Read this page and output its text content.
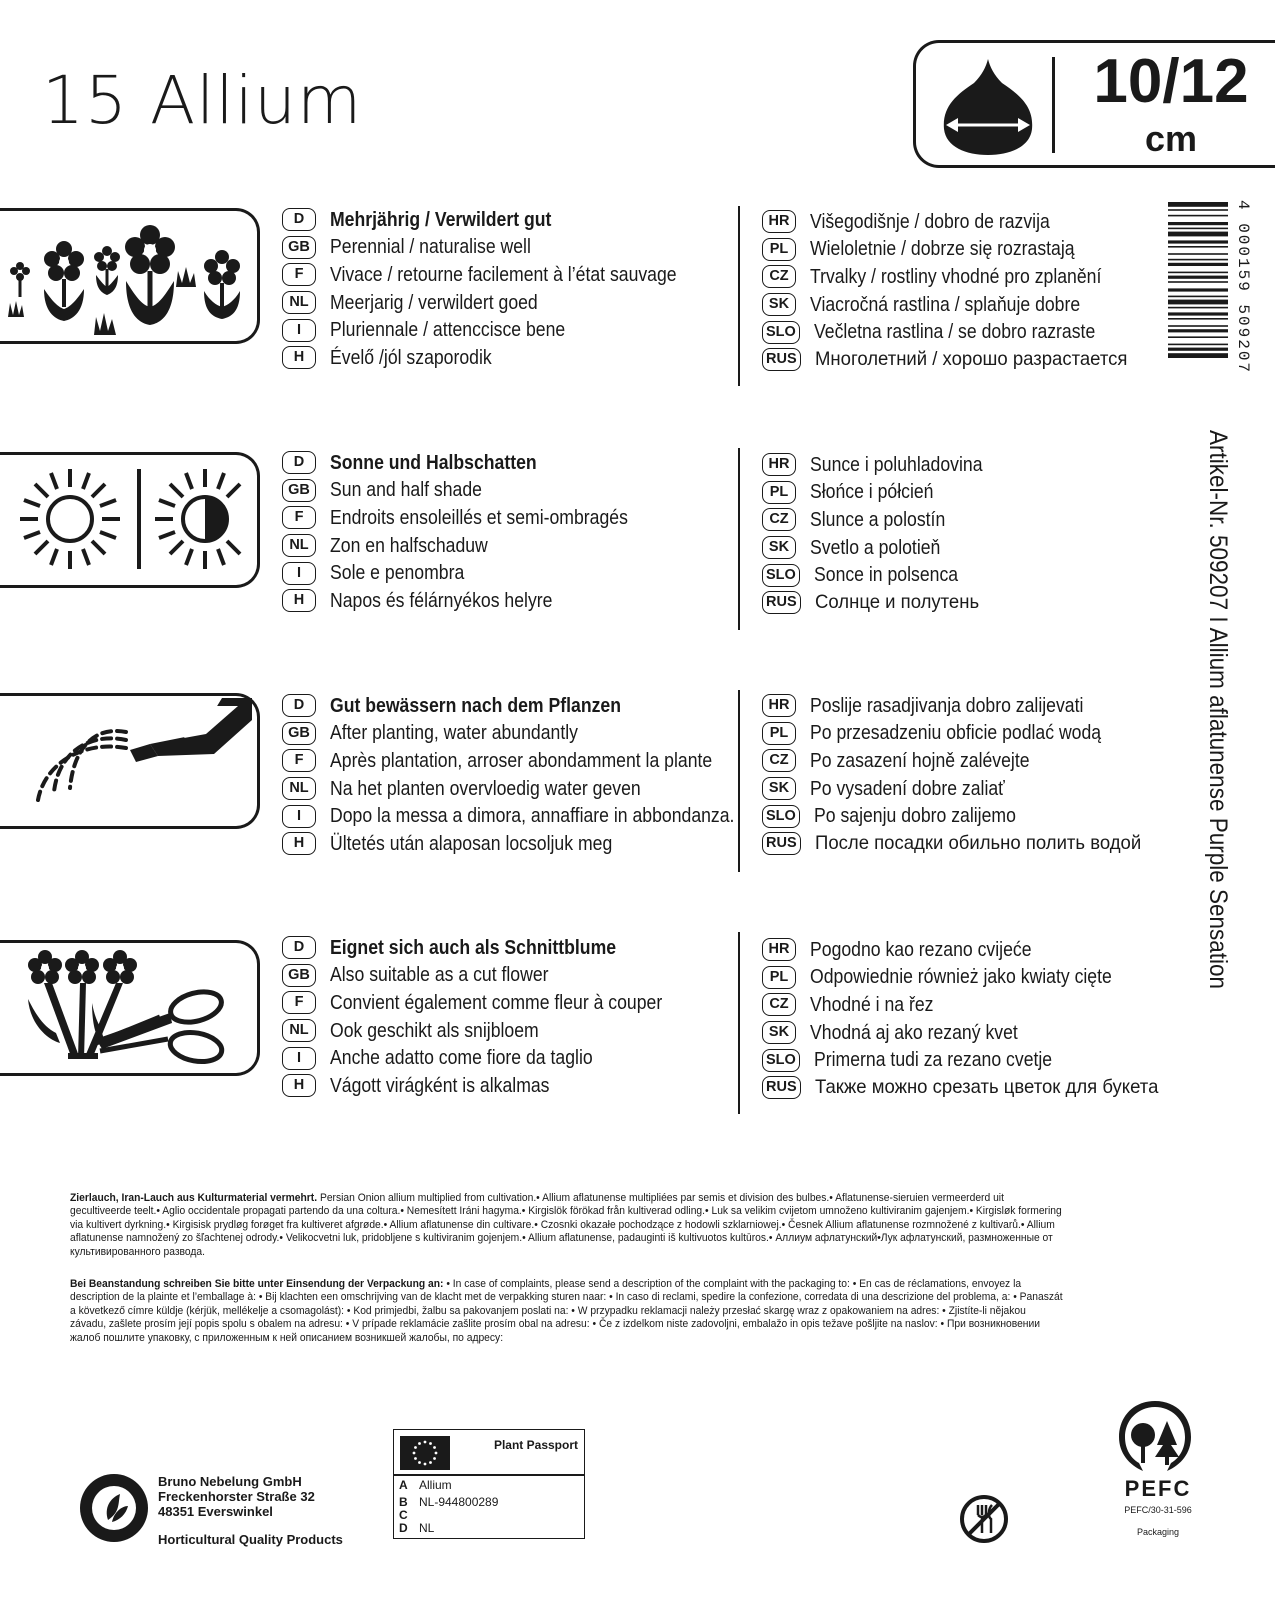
15 Allium	10/12
cm
D	Mehrjährig / Verwildert gut
GB Perennial / naturalise well
F	Vivace / retourne facilement à l’état sauvage
NL	Meerjarig / verwildert goed
I	Pluriennale / attencciscе bene
H	Évelő /jól szaporodik
HR	Višegodišnje / dobro de razvija
PL	Wieloletnie / dobrze się rozrastają
CZ	Trvalky / rostliny vhodné pro zplanění
SK	Viacročná rastlina / splaňuje dobre
SLO Večletna rastlina / se dobro razraste
RUS Многолетний / хорошо разрастается
D	Sonne und Halbschatten
GB Sun and half shade
F	Endroits ensoleillés et semi-ombragés
NL	Zon en halfschaduw
I	Sole e penombra
H	Napos és félárnyékos helyre
HR	Sunce i poluhladovina
PL	Słońce i półcień
CZ	Slunce a polostín
SK	Svetlo a polotieň
SLO Sonce in polsenca
RUS Солнце и полутень
D	Gut bewässern nach dem Pflanzen
GB After planting, water abundantly
F	Après plantation, arroser abondamment la plante
NL	Na het planten overvloedig water geven
I	Dopo la messa a dimora, annaffiare in abbondanza.
H	Ültetés után alaposan locsoljuk meg
HR	Poslije rasadjivanja dobro zalijevati
PL	Po przesadzeniu obficie podlać wodą
CZ	Po zasazení hojně zalévejte
SK	Po vysadení dobre zaliať
SLO Po sajenju dobro zalijemo
RUS После посадки обильно полить водой
D	Eignet sich auch als Schnittblume
GB Also suitable as a cut flower
F	Convient également comme fleur à couper
NL	Ook geschikt als snijbloem
I	Anche adatto come fiore da taglio
H	Vágott virágként is alkalmas
HR	Pogodno kao rezano cvijeće
PL	Odpowiednie również jako kwiaty cięte
CZ	Vhodné i na řez
SK	Vhodná aj ako rezaný kvet
SLO Primerna tudi za rezano cvetje
RUS Также можно срезать цветок для букета
4 000159 509207
Artikel-Nr. 509207 I Allium aflatunense Purple Sensation
Zierlauch, Iran-Lauch aus Kulturmaterial vermehrt. Persian Onion allium multiplied from cultivation.• Allium aflatunense multipliées par semis et division des bulbes.• Aflatunense-sieruien vermeerderd uit gecultiveerde teelt.• Aglio occidentale propagati partendo da una coltura.• Nemesített Iráni hagyma.• Kirgislök förökad från kultiverad odling.• Luk sa velikim cvijetom umnoženo kultiviranim gajenjem.• Kirgisløk formering via kultivert dyrkning.• Kirgisisk prydløg forøget fra kultiveret afgrøde.• Allium aflatunense din cultivare.• Czosnki okazałe pochodzące z hodowli szklarniowej.• Česnek Allium aflatunense rozmnožené z kultivarů.• Allium aflatunense namnožený zo šľachtenej odrody.• Velikocvetni luk, pridobljene s kultiviranim gojenjem.• Allium aflatunense, padauginti iš kultivuotos kultūros.• Аллиум афлатунский•Лук афлатунский, размноженные от культивированного развода.
Bei Beanstandung schreiben Sie bitte unter Einsendung der Verpackung an: • In case of complaints, please send a description of the complaint with the packaging to: • En cas de réclamations, envoyez la description de la plainte et l’emballage à: • Bij klachten een omschrijving van de klacht met de verpakking sturen naar: • In caso di reclami, spedire la confezione, corredata di una descrizione del problema, a: • Panaszát a következő címre küldje (kérjük, mellékelje a csomagolást): • Kod primjedbi, žalbu sa pakovanjem poslati na: • W przypadku reklamacji należy przesłać skargę wraz z opakowaniem na adres: • Zjistíte-li nějakou závadu, zašlete prosím její popis spolu s obalem na adresu: • V prípade reklamácie zašlite prosím obal na adresu: • Če z izdelkom niste zadovoljni, embalažo in opis težave pošljite na naslov: • При возникновении жалоб пошлите упаковку, с приложенным к ней описанием возникшей жалобы, по адресу:
Bruno Nebelung GmbH
Freckenhorster Straße 32
48351 Everswinkel
Horticultural Quality Products
Plant Passport
A Allium
B NL-944800289
C
D NL
PEFC
PEFC/30-31-596
Packaging
